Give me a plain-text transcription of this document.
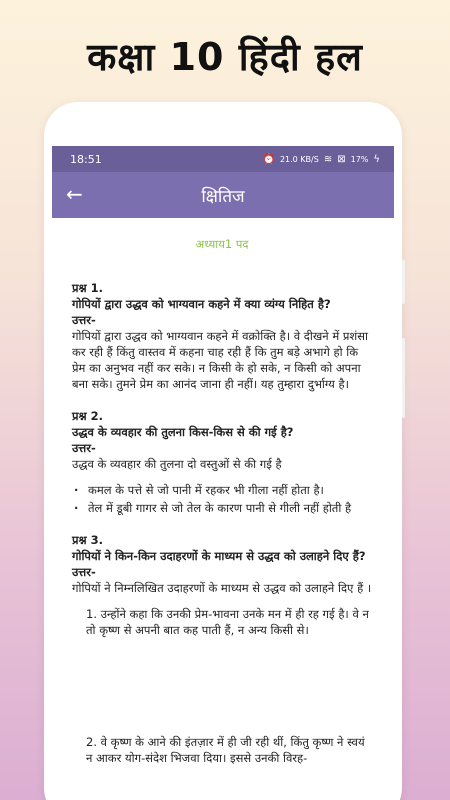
कक्षा 10 हिंदी हल
18:51	⏰ 21.0 KB/S ≋ ⊠ 17% ϟ
←	क्षितिज
अध्याय1 पद
प्रश्न 1.
गोपियों द्वारा उद्धव को भाग्यवान कहने में क्या व्यंग्य निहित है?
उत्तर-
गोपियों द्वारा उद्धव को भाग्यवान कहने में वक्रोक्ति है। वे दीखने में प्रशंसा कर रही हैं किंतु वास्तव में कहना चाह रही हैं कि तुम बड़े अभागे हो कि प्रेम का अनुभव नहीं कर सके। न किसी के हो सके, न किसी को अपना बना सके। तुमने प्रेम का आनंद जाना ही नहीं। यह तुम्हारा दुर्भाग्य है।
प्रश्न 2.
उद्धव के व्यवहार की तुलना किस-किस से की गई है?
उत्तर-
उद्धव के व्यवहार की तुलना दो वस्तुओं से की गई है
. कमल के पत्ते से जो पानी में रहकर भी गीला नहीं होता है।
. तेल में डूबी गागर से जो तेल के कारण पानी से गीली नहीं होती है
प्रश्न 3.
गोपियों ने किन-किन उदाहरणों के माध्यम से उद्धव को उलाहने दिए हैं?
उत्तर-
गोपियों ने निम्नलिखित उदाहरणों के माध्यम से उद्धव को उलाहने दिए हैं ।
1. उन्होंने कहा कि उनकी प्रेम-भावना उनके मन में ही रह गई है। वे न तो कृष्ण से अपनी बात कह पाती हैं, न अन्य किसी से।
2. वे कृष्ण के आने की इंतज़ार में ही जी रही थीं, किंतु कृष्ण ने स्वयं न आकर योग-संदेश भिजवा दिया। इससे उनकी विरह-
